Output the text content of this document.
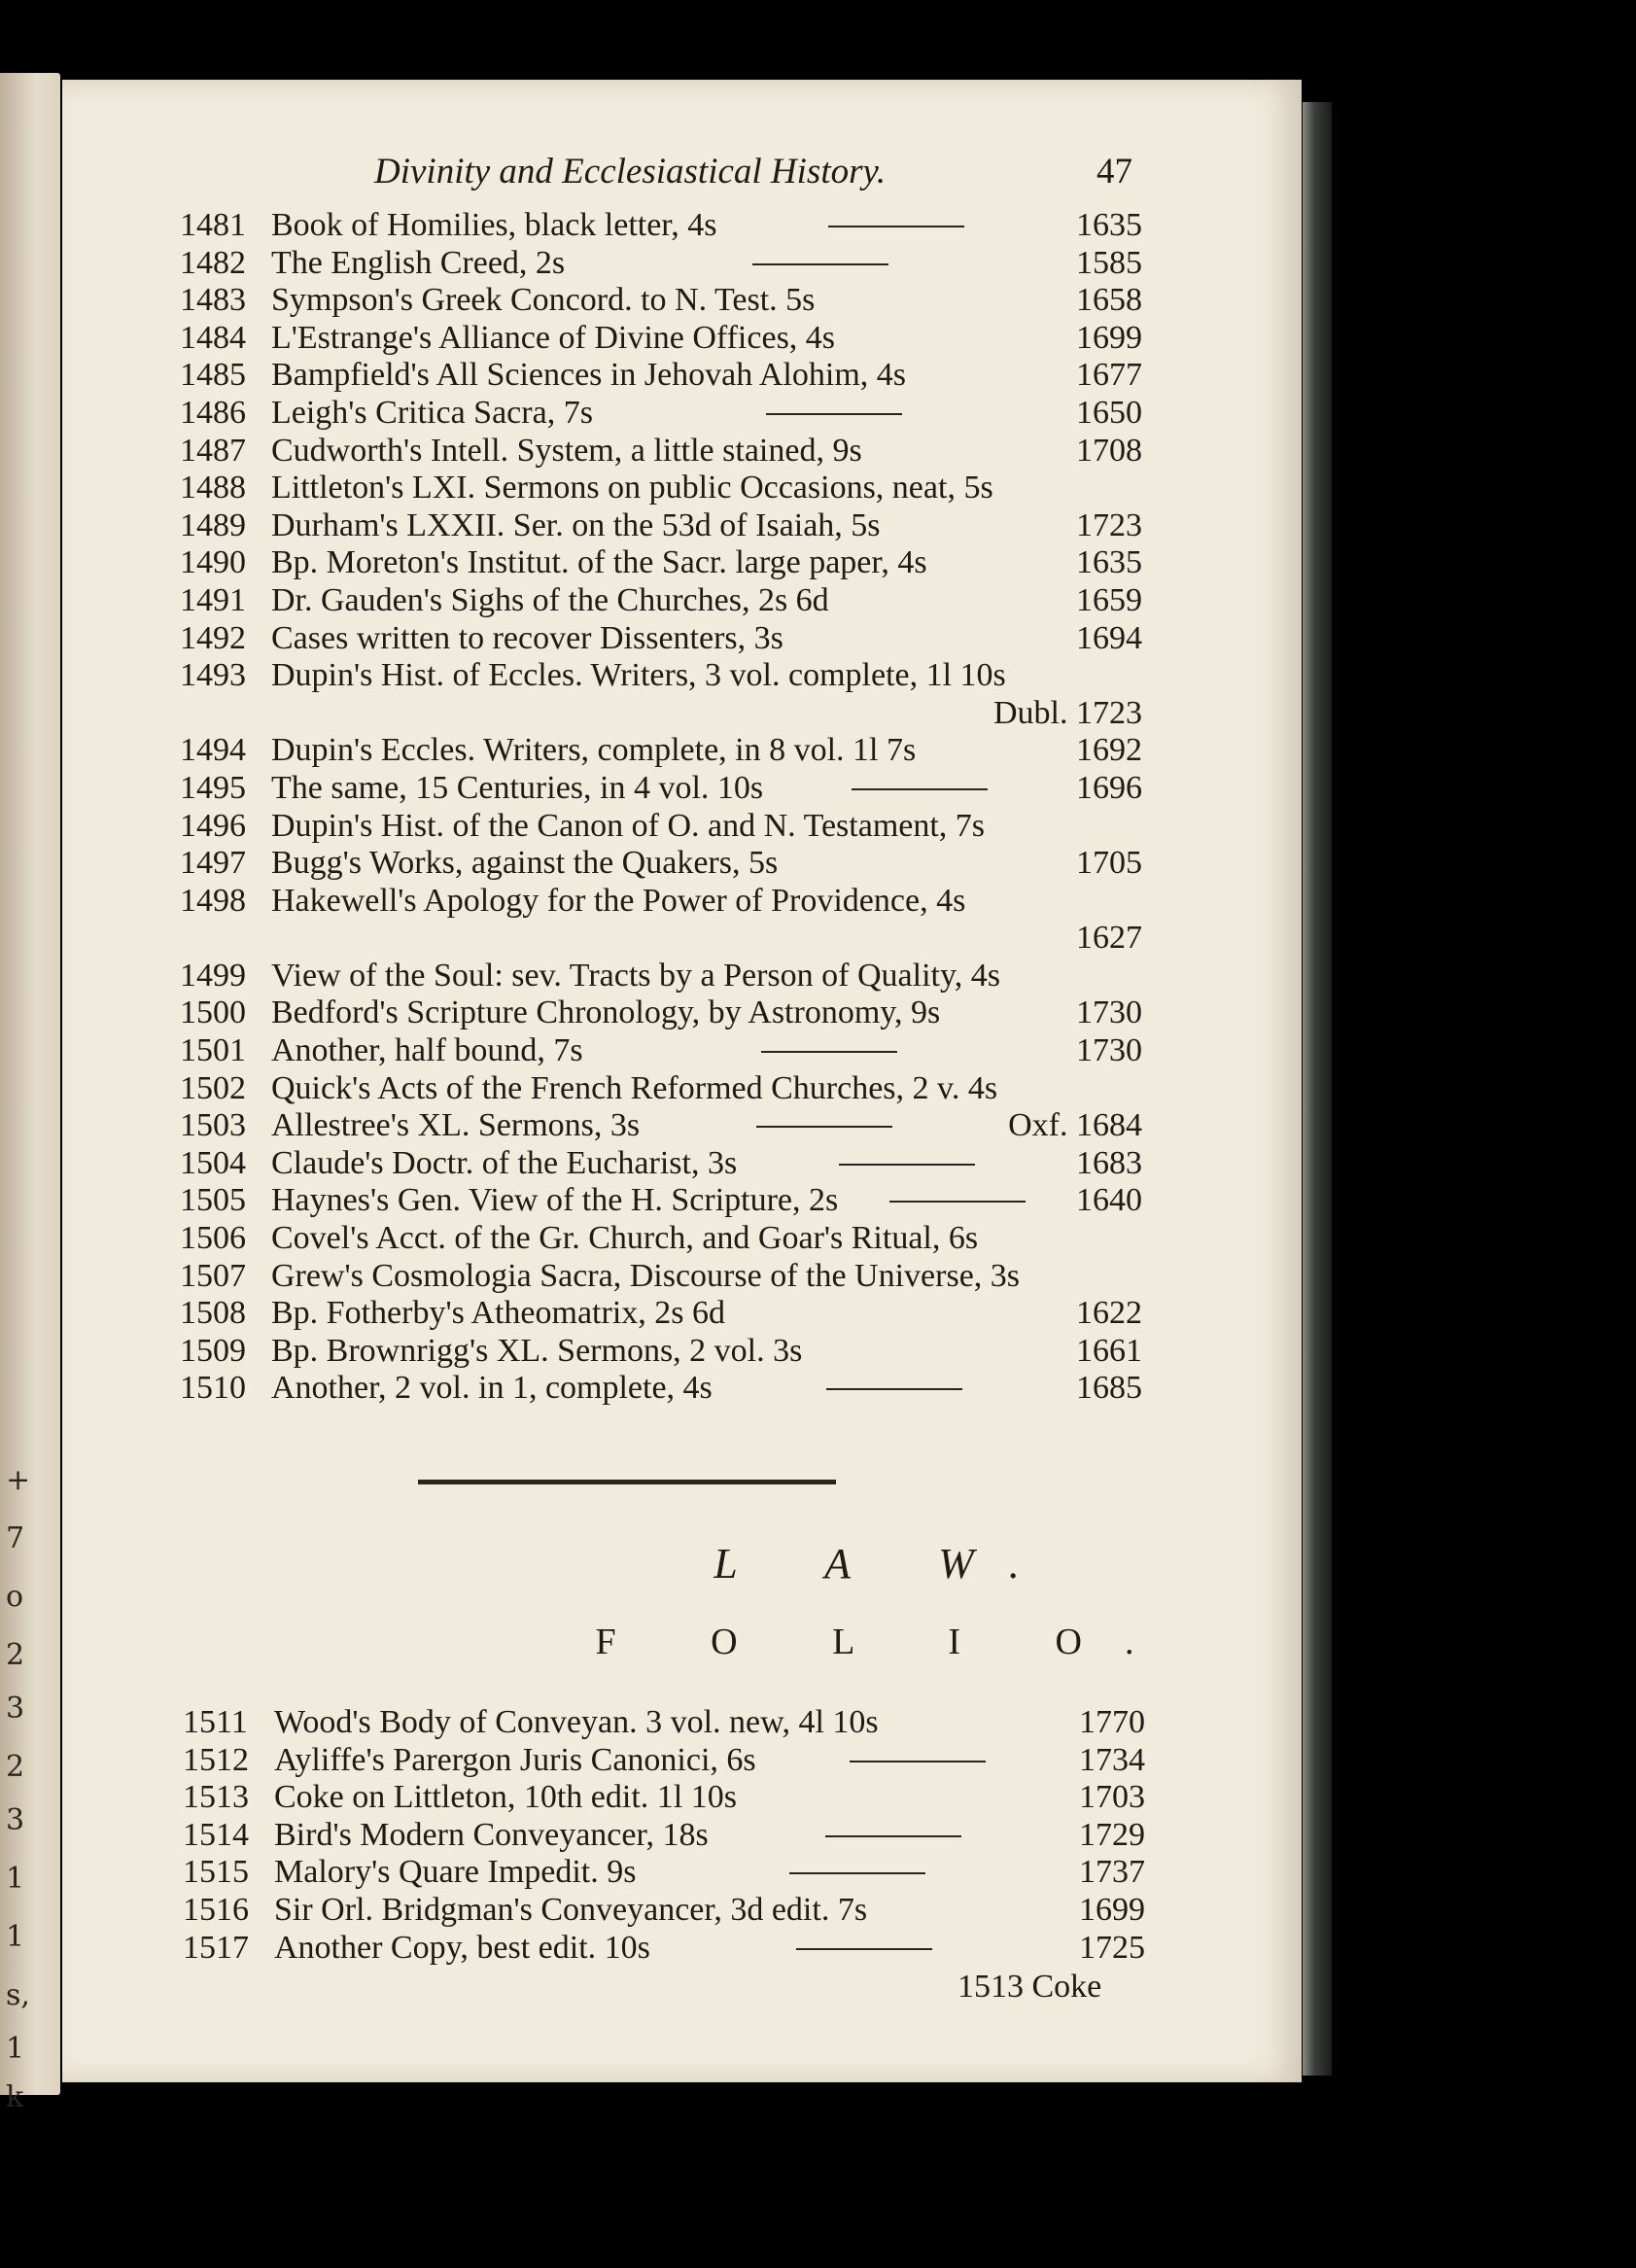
+
7
o
2
3
2
3
1
1
s,
1
k
Divinity and Ecclesiastical History.	47
1481 Book of Homilies, black letter, 4s	1635
1482 The English Creed, 2s	1585
1483 Sympson's Greek Concord. to N. Test. 5s	1658
1484 L'Estrange's Alliance of Divine Offices, 4s	1699
1485 Bampfield's All Sciences in Jehovah Alohim, 4s	1677
1486 Leigh's Critica Sacra, 7s	1650
1487 Cudworth's Intell. System, a little stained, 9s	1708
1488 Littleton's LXI. Sermons on public Occasions, neat, 5s
1489 Durham's LXXII. Ser. on the 53d of Isaiah, 5s	1723
1490 Bp. Moreton's Institut. of the Sacr. large paper, 4s	1635
1491 Dr. Gauden's Sighs of the Churches, 2s 6d	1659
1492 Cases written to recover Dissenters, 3s	1694
1493 Dupin's Hist. of Eccles. Writers, 3 vol. complete, 1l 10s
Dubl. 1723
1494 Dupin's Eccles. Writers, complete, in 8 vol. 1l 7s	1692
1495 The same, 15 Centuries, in 4 vol. 10s	1696
1496 Dupin's Hist. of the Canon of O. and N. Testament, 7s
1497 Bugg's Works, against the Quakers, 5s	1705
1498 Hakewell's Apology for the Power of Providence, 4s
1627
1499 View of the Soul: sev. Tracts by a Person of Quality, 4s
1500 Bedford's Scripture Chronology, by Astronomy, 9s	1730
1501 Another, half bound, 7s	1730
1502 Quick's Acts of the French Reformed Churches, 2 v. 4s
1503 Allestree's XL. Sermons, 3s	Oxf. 1684
1504 Claude's Doctr. of the Eucharist, 3s	1683
1505 Haynes's Gen. View of the H. Scripture, 2s	1640
1506 Covel's Acct. of the Gr. Church, and Goar's Ritual, 6s
1507 Grew's Cosmologia Sacra, Discourse of the Universe, 3s
1508 Bp. Fotherby's Atheomatrix, 2s 6d	1622
1509 Bp. Brownrigg's XL. Sermons, 2 vol. 3s	1661
1510 Another, 2 vol. in 1, complete, 4s	1685
L A W.
F O L I O.
1511 Wood's Body of Conveyan. 3 vol. new, 4l 10s	1770
1512 Ayliffe's Parergon Juris Canonici, 6s	1734
1513 Coke on Littleton, 10th edit. 1l 10s	1703
1514 Bird's Modern Conveyancer, 18s	1729
1515 Malory's Quare Impedit. 9s	1737
1516 Sir Orl. Bridgman's Conveyancer, 3d edit. 7s	1699
1517 Another Copy, best edit. 10s	1725
1513 Coke
